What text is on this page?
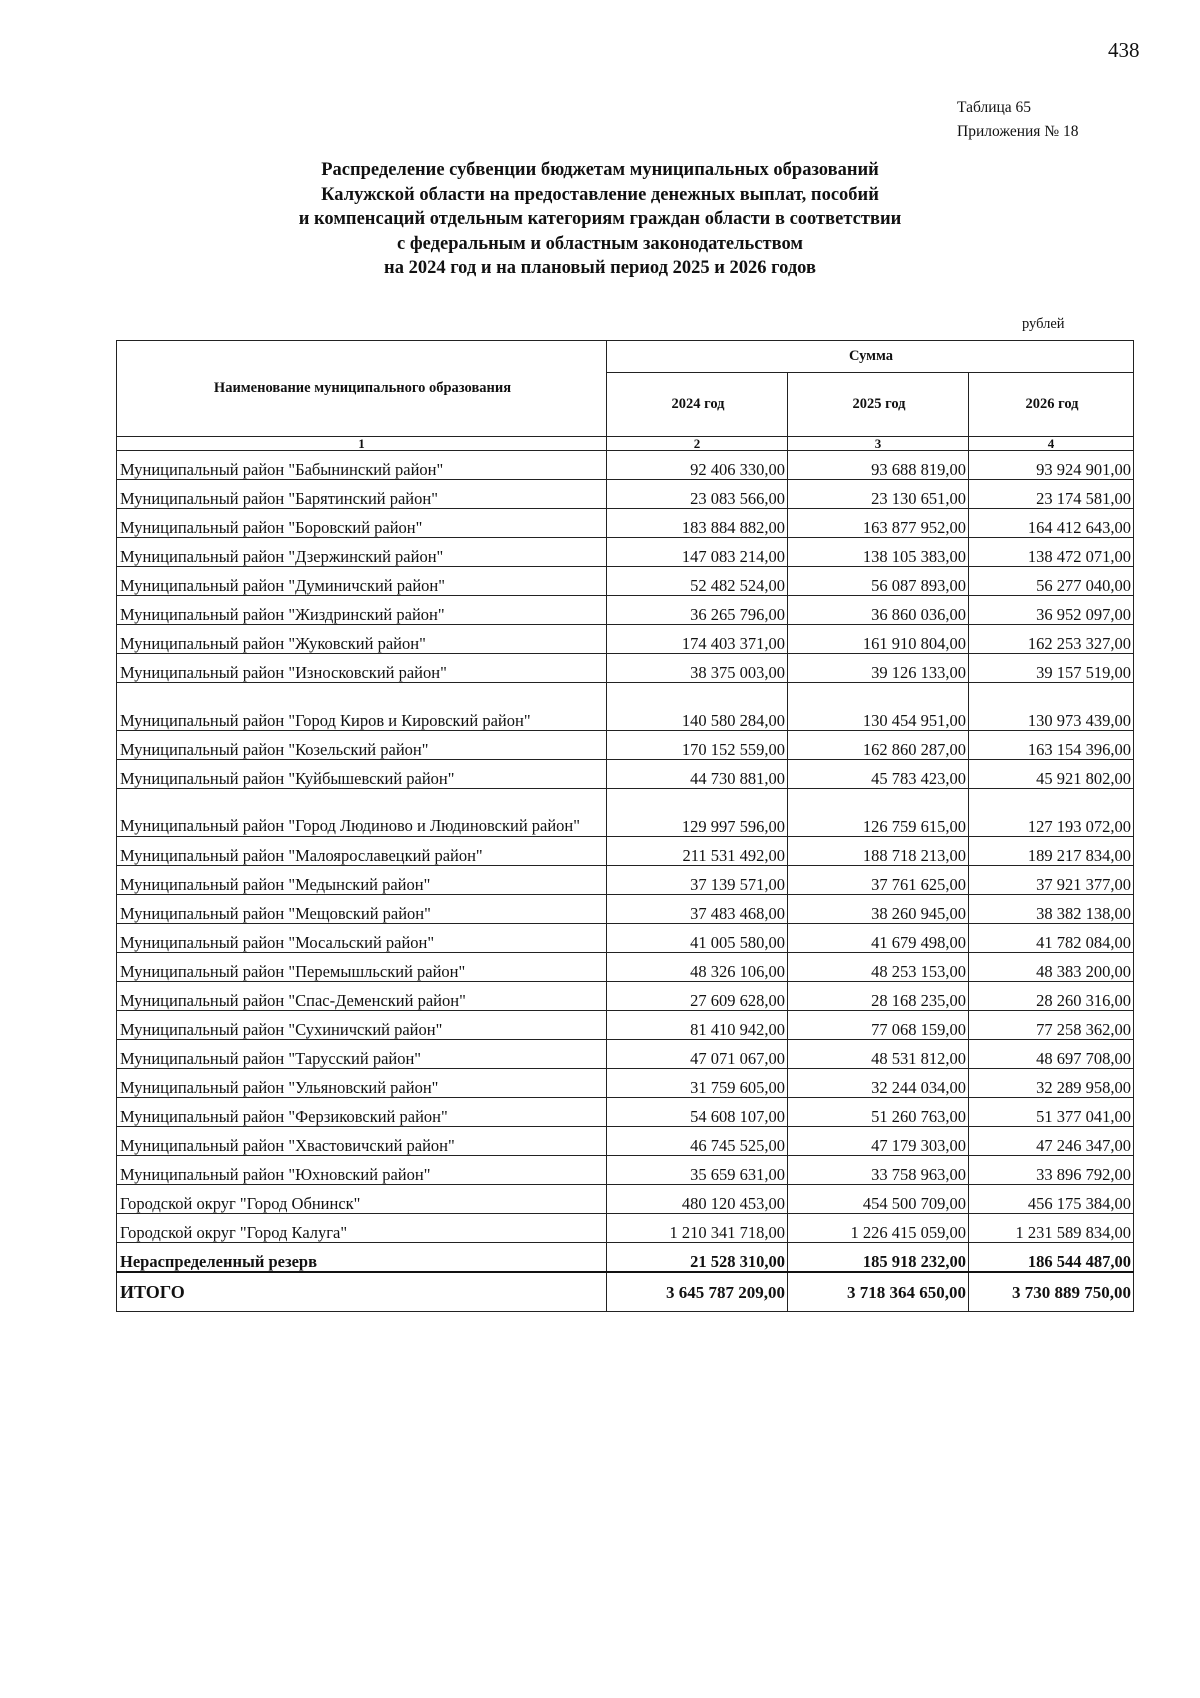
438
Таблица 65
Приложения № 18
Распределение субвенции бюджетам муниципальных образований
Калужской области на предоставление денежных выплат, пособий
и компенсаций отдельным категориям граждан области в соответствии
с федеральным и областным законодательством
на 2024 год и на плановый период 2025 и 2026 годов
рублей
Наименование муниципального образования	Сумма		
	2024 год	2025 год	2026 год
1	2	3	4
Муниципальный район "Бабынинский район"	92 406 330,00	93 688 819,00	93 924 901,00
Муниципальный район "Барятинский район"	23 083 566,00	23 130 651,00	23 174 581,00
Муниципальный район "Боровский район"	183 884 882,00	163 877 952,00	164 412 643,00
Муниципальный район "Дзержинский район"	147 083 214,00	138 105 383,00	138 472 071,00
Муниципальный район "Думиничский район"	52 482 524,00	56 087 893,00	56 277 040,00
Муниципальный район "Жиздринский район"	36 265 796,00	36 860 036,00	36 952 097,00
Муниципальный район "Жуковский район"	174 403 371,00	161 910 804,00	162 253 327,00
Муниципальный район "Износковский район"	38 375 003,00	39 126 133,00	39 157 519,00
Муниципальный район "Город Киров и Кировский район"	140 580 284,00	130 454 951,00	130 973 439,00
Муниципальный район "Козельский район"	170 152 559,00	162 860 287,00	163 154 396,00
Муниципальный район "Куйбышевский район"	44 730 881,00	45 783 423,00	45 921 802,00
Муниципальный район "Город Людиново и Людиновский район"	129 997 596,00	126 759 615,00	127 193 072,00
Муниципальный район "Малоярославецкий район"	211 531 492,00	188 718 213,00	189 217 834,00
Муниципальный район "Медынский район"	37 139 571,00	37 761 625,00	37 921 377,00
Муниципальный район "Мещовский район"	37 483 468,00	38 260 945,00	38 382 138,00
Муниципальный район "Мосальский район"	41 005 580,00	41 679 498,00	41 782 084,00
Муниципальный район "Перемышльский район"	48 326 106,00	48 253 153,00	48 383 200,00
Муниципальный район "Спас-Деменский район"	27 609 628,00	28 168 235,00	28 260 316,00
Муниципальный район "Сухиничский район"	81 410 942,00	77 068 159,00	77 258 362,00
Муниципальный район "Тарусский район"	47 071 067,00	48 531 812,00	48 697 708,00
Муниципальный район "Ульяновский район"	31 759 605,00	32 244 034,00	32 289 958,00
Муниципальный район "Ферзиковский район"	54 608 107,00	51 260 763,00	51 377 041,00
Муниципальный район "Хвастовичский район"	46 745 525,00	47 179 303,00	47 246 347,00
Муниципальный район "Юхновский район"	35 659 631,00	33 758 963,00	33 896 792,00
Городской округ "Город Обнинск"	480 120 453,00	454 500 709,00	456 175 384,00
Городской округ "Город Калуга"	1 210 341 718,00	1 226 415 059,00	1 231 589 834,00
Нераспределенный резерв	21 528 310,00	185 918 232,00	186 544 487,00
ИТОГО	3 645 787 209,00	3 718 364 650,00	3 730 889 750,00
